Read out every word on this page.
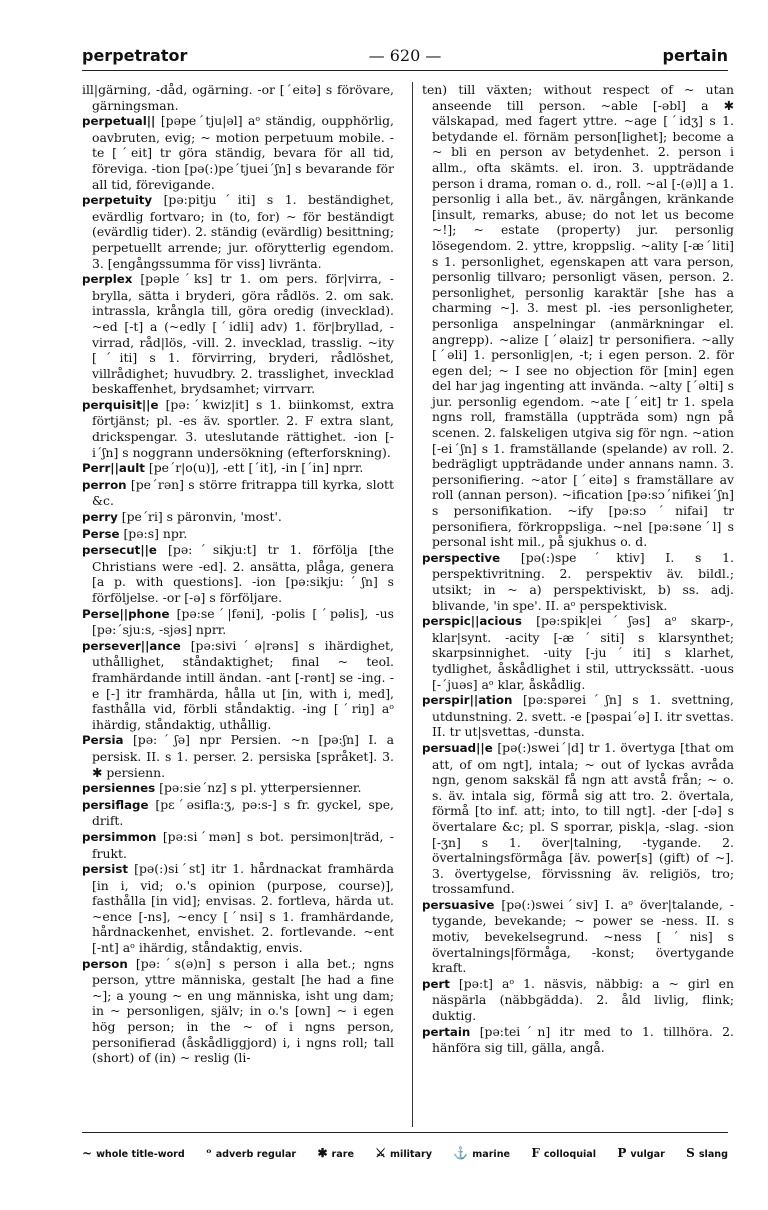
perpetrator	— 620 —	pertain
ill|gärning, -dåd, ogärning. -or [ˊeitə] s förövare, gärningsman.
perpetual|| [pəpeˊtju|əl] aᵒ ständig, oupphörlig, oavbruten, evig; ~ motion perpetuum mobile. -te [ˊeit] tr göra ständig, bevara för all tid, föreviga. -tion [pə(:)peˊtjueiˊʃn] s bevarande för all tid, förevigande.
perpetuity [pə:pitjuˊiti] s 1. beständighet, evärdlig fortvaro; in (to, for) ~ för beständigt (evärdlig tider). 2. ständig (evärdlig) besittning; perpetuellt arrende; jur. oförytterlig egendom. 3. [engångssumma för viss] livränta.
perplex [pəpleˊks] tr 1. om pers. för|virra, -brylla, sätta i bryderi, göra rådlös. 2. om sak. intrassla, krångla till, göra oredig (invecklad). ~ed [-t] a (~edly [ˊidli] adv) 1. för|bryllad, -virrad, råd|lös, -vill. 2. invecklad, trasslig. ~ity [ˊiti] s 1. förvirring, bryderi, rådlöshet, villrådighet; huvudbry. 2. trasslighet, invecklad beskaffenhet, brydsamhet; virrvarr.
perquisit||e [pə:ˊkwiz|it] s 1. biinkomst, extra förtjänst; pl. -es äv. sportler. 2. F extra slant, drickspengar. 3. uteslutande rättighet. -ion [-iˊʃn] s noggrann undersökning (efterforskning).
Perr||ault [peˊr|o(u)], -ett [ˊit], -in [ˊin] nprr.
perron [peˊrən] s större fritrappa till kyrka, slott &c.
perry [peˊri] s päronvin, 'most'.
Perse [pə:s] npr.
persecut||e [pə:ˊsikju:t] tr 1. förfölja [the Christians were -ed]. 2. ansätta, plåga, genera [a p. with questions]. -ion [pə:sikju:ˊʃn] s förföljelse. -or [-ə] s förföljare.
Perse||phone [pə:seˊ|fəni], -polis [ˊpəlis], -us [pə:ˊsju:s, -sjəs] nprr.
persever||ance [pə:siviˊə|rəns] s ihärdighet, uthållighet, ståndaktighet; final ~ teol. framhärdande intill ändan. -ant [-rənt] se -ing. -e [-] itr framhärda, hålla ut [in, with i, med], fasthålla vid, förbli ståndaktig. -ing [ˊriŋ] aᵒ ihärdig, ståndaktig, uthållig.
Persia [pə:ˊʃə] npr Persien. ~n [pə:ʃn] I. a persisk. II. s 1. perser. 2. persiska [språket]. 3. ✱ persienn.
persiennes [pə:sieˊnz] s pl. ytterpersienner.
persiflage [pɛˊəsifla:ʒ, pə:s-] s fr. gyckel, spe, drift.
persimmon [pə:siˊmən] s bot. persimon|träd, -frukt.
persist [pə(:)siˊst] itr 1. hårdnackat framhärda [in i, vid; o.'s opinion (purpose, course)], fasthålla [in vid]; envisas. 2. fortleva, härda ut. ~ence [-ns], ~ency [ˊnsi] s 1. framhärdande, hårdnackenhet, envishet. 2. fortlevande. ~ent [-nt] aᵒ ihärdig, ståndaktig, envis.
person [pə:ˊs(ə)n] s person i alla bet.; ngns person, yttre människa, gestalt [he had a fine ~]; a young ~ en ung människa, isht ung dam; in ~ personligen, själv; in o.'s [own] ~ i egen hög person; in the ~ of i ngns person, personifierad (åskådliggjord) i, i ngns roll; tall (short) of (in) ~ reslig (li-
ten) till växten; without respect of ~ utan anseende till person. ~able [-əbl] a ✱ välskapad, med fagert yttre. ~age [ˊidʒ] s 1. betydande el. förnäm person[lighet]; become a ~ bli en person av betydenhet. 2. person i allm., ofta skämts. el. iron. 3. uppträdande person i drama, roman o. d., roll. ~al [-(ə)l] a 1. personlig i alla bet., äv. närgången, kränkande [insult, remarks, abuse; do not let us become ~!]; ~ estate (property) jur. personlig lösegendom. 2. yttre, kroppslig. ~ality [-æˊliti] s 1. personlighet, egenskapen att vara person, personlig tillvaro; personligt väsen, person. 2. personlighet, personlig karaktär [she has a charming ~]. 3. mest pl. -ies personligheter, personliga anspelningar (anmärkningar el. angrepp). ~alize [ˊəlaiz] tr personifiera. ~ally [ˊəli] 1. personlig|en, -t; i egen person. 2. för egen del; ~ I see no objection för [min] egen del har jag ingenting att invända. ~alty [ˊəlti] s jur. personlig egendom. ~ate [ˊeit] tr 1. spela ngns roll, framställa (uppträda som) ngn på scenen. 2. falskeligen utgiva sig för ngn. ~ation [-eiˊʃn] s 1. framställande (spelande) av roll. 2. bedrägligt uppträdande under annans namn. 3. personifiering. ~ator [ˊeitə] s framställare av roll (annan person). ~ification [pə:sɔˊnifikeiˊʃn] s personifikation. ~ify [pə:sɔˊnifai] tr personifiera, förkroppsliga. ~nel [pə:səneˊl] s personal isht mil., på sjukhus o. d.
perspective [pə(:)speˊktiv] I. s 1. perspektivritning. 2. perspektiv äv. bildl.; utsikt; in ~ a) perspektiviskt, b) ss. adj. blivande, 'in spe'. II. aᵒ perspektivisk.
perspic||acious [pə:spik|eiˊʃəs] aᵒ skarp-, klar|synt. -acity [-æˊsiti] s klarsynthet; skarpsinnighet. -uity [-juˊiti] s klarhet, tydlighet, åskådlighet i stil, uttryckssätt. -uous [-ˊjuəs] aᵒ klar, åskådlig.
perspir||ation [pə:spəreiˊʃn] s 1. svettning, utdunstning. 2. svett. -e [pəspaiˊə] I. itr svettas. II. tr ut|svettas, -dunsta.
persuad||e [pə(:)sweiˊ|d] tr 1. övertyga [that om att, of om ngt], intala; ~ out of lyckas avråda ngn, genom sakskäl få ngn att avstå från; ~ o. s. äv. intala sig, förmå sig att tro. 2. övertala, förmå [to inf. att; into, to till ngt]. -der [-də] s övertalare &c; pl. S sporrar, pisk|a, -slag. -sion [-ʒn] s 1. över|talning, -tygande. 2. övertalningsförmåga [äv. power[s] (gift) of ~]. 3. övertygelse, förvissning äv. religiös, tro; trossamfund.
persuasive [pə(:)sweiˊsiv] I. aᵒ över|talande, -tygande, bevekande; ~ power se -ness. II. s motiv, bevekelsegrund. ~ness [ˊnis] s övertalnings|förmåga, -konst; övertygande kraft.
pert [pə:t] aᵒ 1. näsvis, näbbig: a ~ girl en näspärla (näbbgädda). 2. åld livlig, flink; duktig.
pertain [pə:teiˊn] itr med to 1. tillhöra. 2. hänföra sig till, gälla, angå.
~ whole title-word ᵒ adverb regular ✱ rare ⚔ military ⚓ marine F colloquial P vulgar S slang
